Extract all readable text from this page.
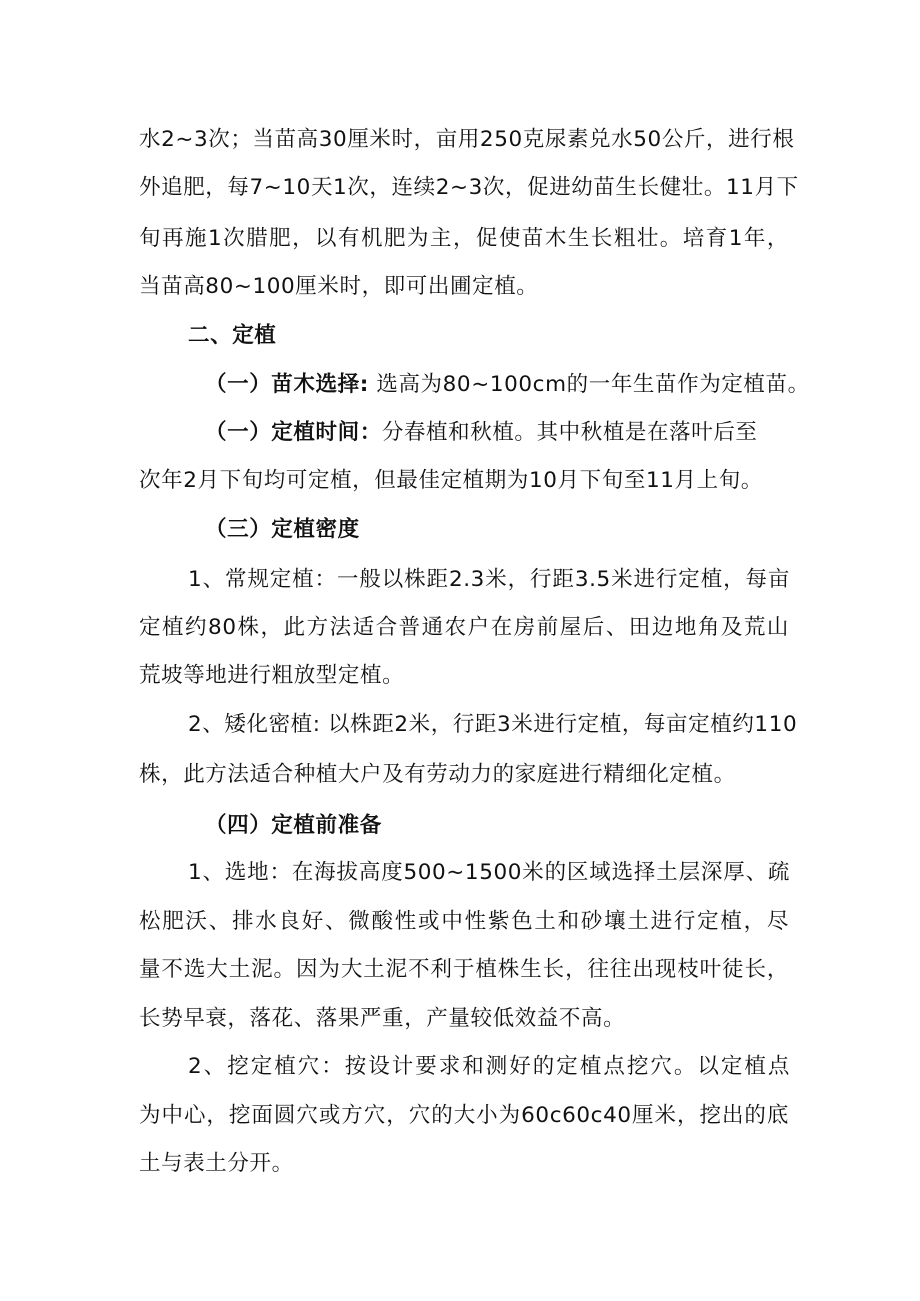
水2~3次；当苗高30厘米时，亩用250克尿素兑水50公斤，进行根
外追肥，每7~10天1次，连续2~3次，促进幼苗生长健壮。11月下
旬再施1次腊肥，以有机肥为主，促使苗木生长粗壮。培育1年，
当苗高80~100厘米时，即可出圃定植。
二、定植
（一）苗木选择: 选高为80~100cm的一年生苗作为定植苗。
（一）定植时间：分春植和秋植。其中秋植是在落叶后至
次年2月下旬均可定植，但最佳定植期为10月下旬至11月上旬。
（三）定植密度
1、常规定植：一般以株距2.3米，行距3.5米进行定植，每亩
定植约80株，此方法适合普通农户在房前屋后、田边地角及荒山
荒坡等地进行粗放型定植。
2、矮化密植: 以株距2米，行距3米进行定植，每亩定植约110
株，此方法适合种植大户及有劳动力的家庭进行精细化定植。
（四）定植前准备
1、选地：在海拔高度500~1500米的区域选择土层深厚、疏
松肥沃、排水良好、微酸性或中性紫色土和砂壤土进行定植，尽
量不选大土泥。因为大土泥不利于植株生长，往往出现枝叶徒长，
长势早衰，落花、落果严重，产量较低效益不高。
2、挖定植穴：按设计要求和测好的定植点挖穴。以定植点
为中心，挖面圆穴或方穴，穴的大小为60c60c40厘米，挖出的底
土与表土分开。
